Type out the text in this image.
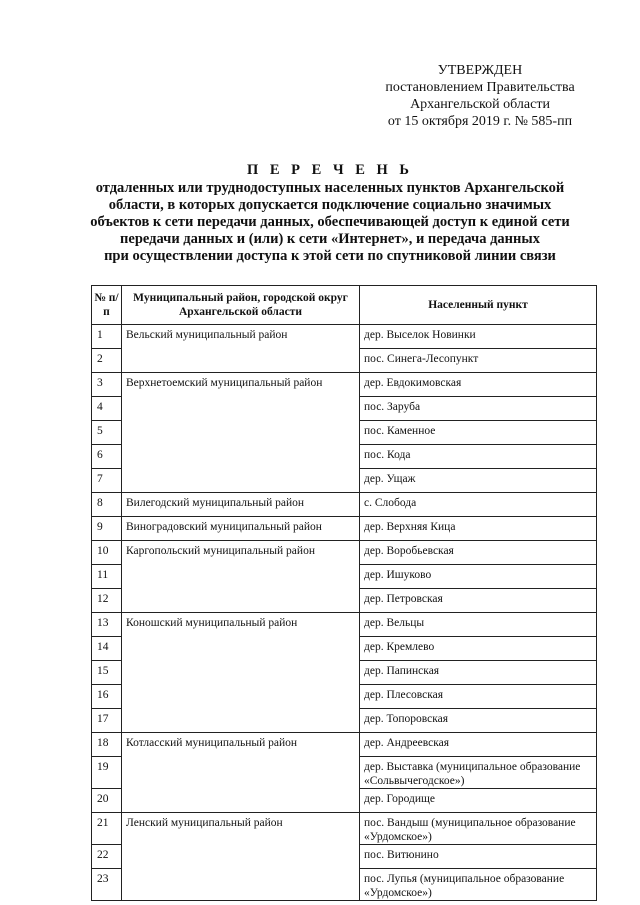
УТВЕРЖДЕН
постановлением Правительства
Архангельской области
от 15 октября 2019 г. № 585-пп
П Е Р Е Ч Е Н Ь
отдаленных или труднодоступных населенных пунктов Архангельской
области, в которых допускается подключение социально значимых
объектов к сети передачи данных, обеспечивающей доступ к единой сети
передачи данных и (или) к сети «Интернет», и передача данных
при осуществлении доступа к этой сети по спутниковой линии связи
№ п/п	Муниципальный район, городской округ Архангельской области	Населенный пункт
1	Вельский муниципальный район	дер. Выселок Новинки
2		пос. Синега-Лесопункт
3	Верхнетоемский муниципальный район	дер. Евдокимовская
4		пос. Заруба
5		пос. Каменное
6		пос. Кода
7		дер. Ущаж
8	Вилегодский муниципальный район	с. Слобода
9	Виноградовский муниципальный район	дер. Верхняя Кица
10	Каргопольский муниципальный район	дер. Воробьевская
11		дер. Ишуково
12		дер. Петровская
13	Коношский муниципальный район	дер. Вельцы
14		дер. Кремлево
15		дер. Папинская
16		дер. Плесовская
17		дер. Топоровская
18	Котласский муниципальный район	дер. Андреевская
19		дер. Выставка (муниципальное образование «Сольвычегодское»)
20		дер. Городище
21	Ленский муниципальный район	пос. Вандыш (муниципальное образование «Урдомское»)
22		пос. Витюнино
23		пос. Лупья (муниципальное образование «Урдомское»)
